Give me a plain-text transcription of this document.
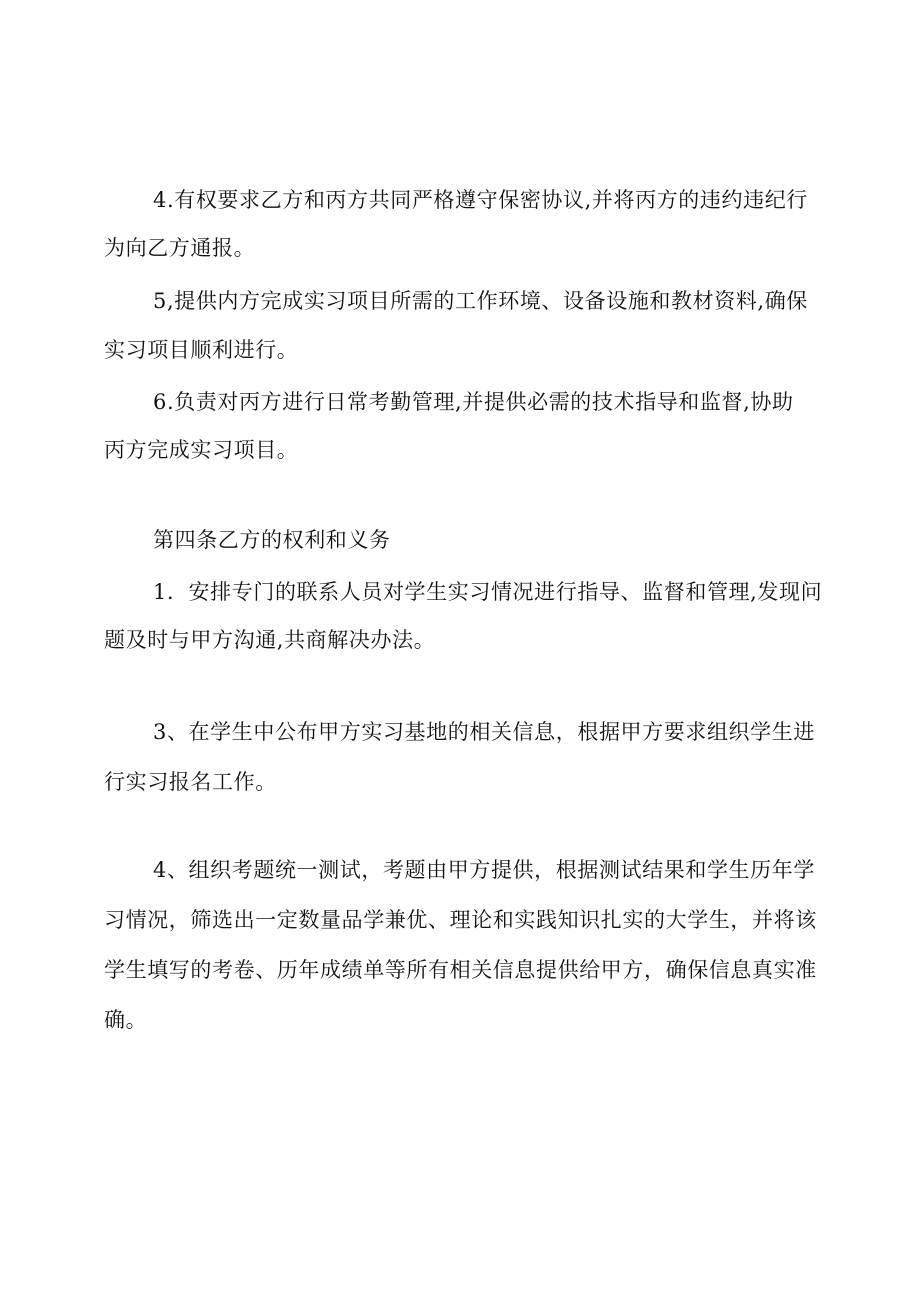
4.有权要求乙方和丙方共同严格遵守保密协议,并将丙方的违约违纪行
为向乙方通报。
5,提供内方完成实习项目所需的工作环境、设备设施和教材资料,确保
实习项目顺利进行。
6.负责对丙方进行日常考勤管理,并提供必需的技术指导和监督,协助
丙方完成实习项目。
第四条乙方的权利和义务
1．安排专门的联系人员对学生实习情况进行指导、监督和管理,发现问
题及时与甲方沟通,共商解决办法。
3、在学生中公布甲方实习基地的相关信息，根据甲方要求组织学生进
行实习报名工作。
4、组织考题统一测试，考题由甲方提供，根据测试结果和学生历年学
习情况，筛选出一定数量品学兼优、理论和实践知识扎实的大学生，并将该
学生填写的考卷、历年成绩单等所有相关信息提供给甲方，确保信息真实准
确。
